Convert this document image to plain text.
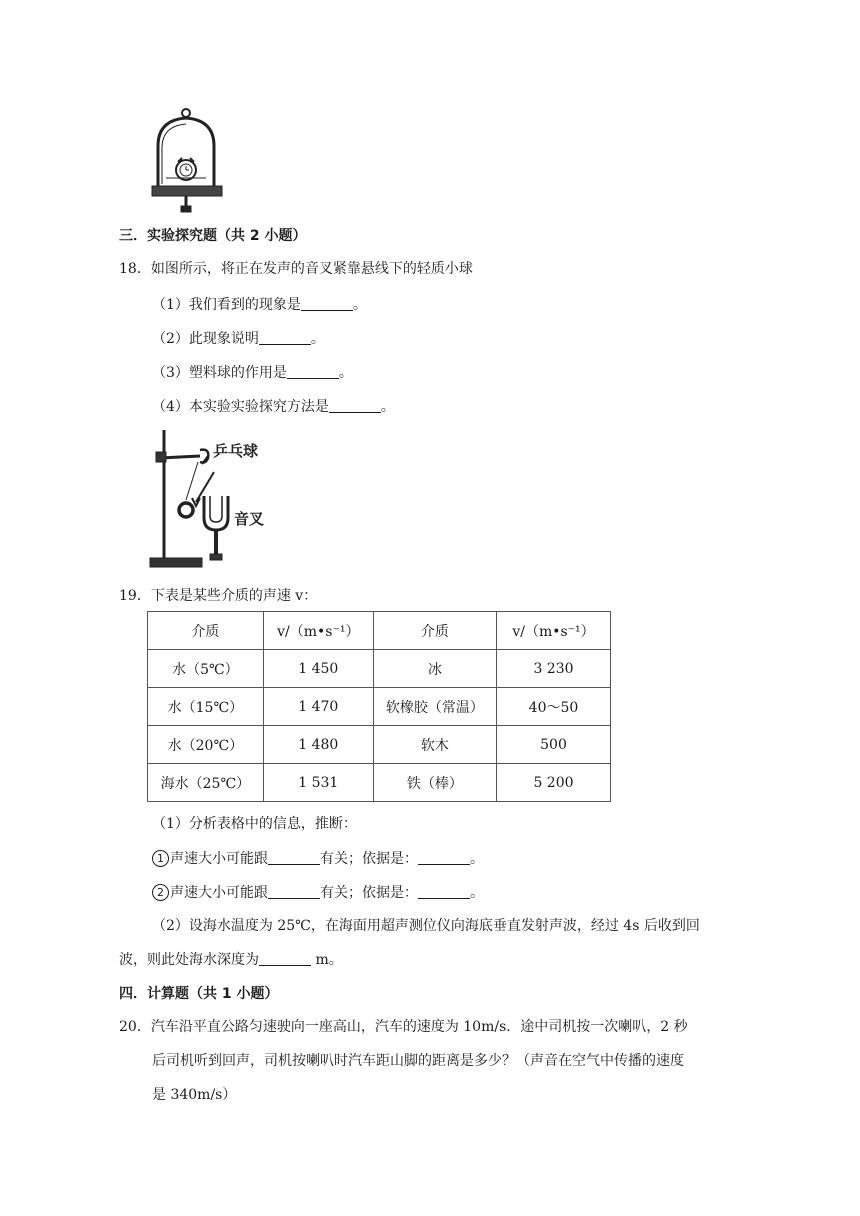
三．实验探究题（共 2 小题）
18．如图所示，将正在发声的音叉紧靠悬线下的轻质小球
（1）我们看到的现象是	。
（2）此现象说明	。
（3）塑料球的作用是	。
（4）本实验实验探究方法是	。
乒乓球
音叉
19．下表是某些介质的声速 v：
介质	v/（m•s⁻¹）	介质	v/（m•s⁻¹）
水（5℃）	1 450	冰	3 230
水（15℃）	1 470	软橡胶（常温）	40～50
水（20℃）	1 480	软木	500
海水（25℃）	1 531	铁（棒）	5 200
（1）分析表格中的信息，推断：
1 声速大小可能跟	有关；依据是：	。
2 声速大小可能跟	有关；依据是：	。
（2）设海水温度为 25℃，在海面用超声测位仪向海底垂直发射声波，经过 4s 后收到回
波，则此处海水深度为	m。
四．计算题（共 1 小题）
20．汽车沿平直公路匀速驶向一座高山，汽车的速度为 10m/s．途中司机按一次喇叭，2 秒
后司机听到回声，司机按喇叭时汽车距山脚的距离是多少？（声音在空气中传播的速度
是 340m/s）
